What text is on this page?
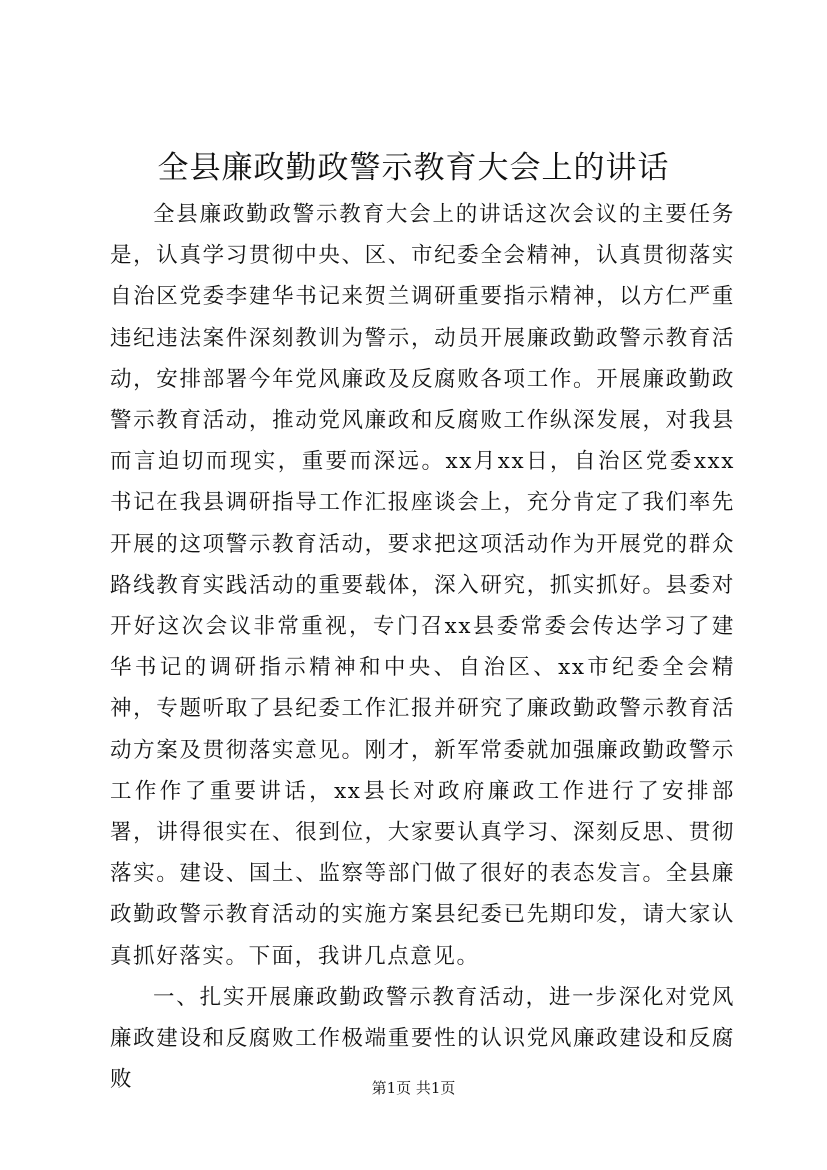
全县廉政勤政警示教育大会上的讲话

全县廉政勤政警示教育大会上的讲话这次会议的主要任务是，认真学习贯彻中央、区、市纪委全会精神，认真贯彻落实自治区党委李建华书记来贺兰调研重要指示精神，以方仁严重违纪违法案件深刻教训为警示，动员开展廉政勤政警示教育活动，安排部署今年党风廉政及反腐败各项工作。开展廉政勤政警示教育活动，推动党风廉政和反腐败工作纵深发展，对我县而言迫切而现实，重要而深远。xx月xx日，自治区党委xxx书记在我县调研指导工作汇报座谈会上，充分肯定了我们率先开展的这项警示教育活动，要求把这项活动作为开展党的群众路线教育实践活动的重要载体，深入研究，抓实抓好。县委对开好这次会议非常重视，专门召xx县委常委会传达学习了建华书记的调研指示精神和中央、自治区、xx市纪委全会精神，专题听取了县纪委工作汇报并研究了廉政勤政警示教育活动方案及贯彻落实意见。刚才，新军常委就加强廉政勤政警示工作作了重要讲话，xx县长对政府廉政工作进行了安排部署，讲得很实在、很到位，大家要认真学习、深刻反思、贯彻落实。建设、国土、监察等部门做了很好的表态发言。全县廉政勤政警示教育活动的实施方案县纪委已先期印发，请大家认真抓好落实。下面，我讲几点意见。

一、扎实开展廉政勤政警示教育活动，进一步深化对党风廉政建设和反腐败工作极端重要性的认识党风廉政建设和反腐败	第1页 共1页
